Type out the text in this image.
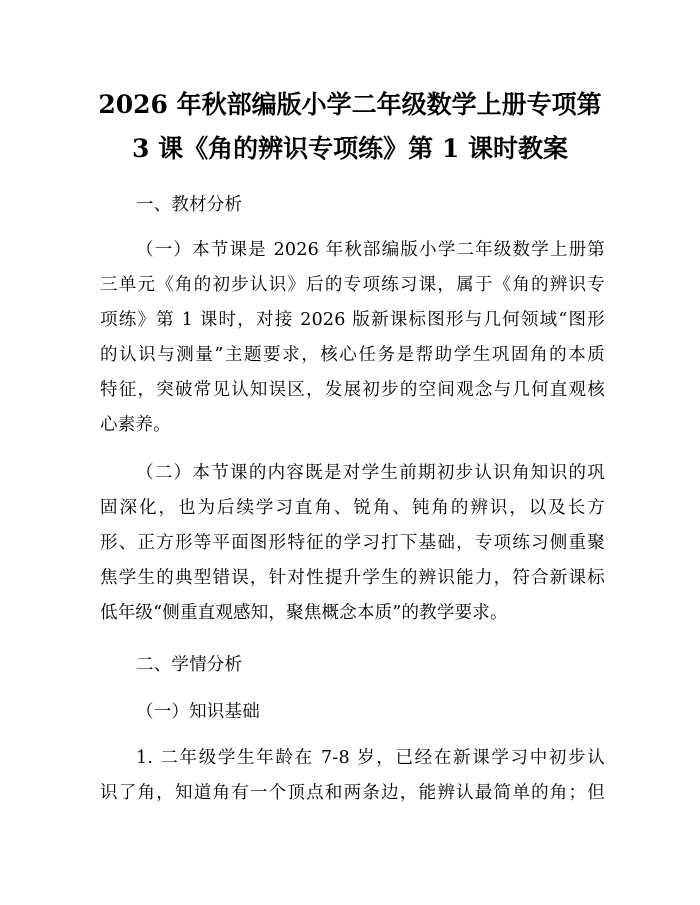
2026 年秋部编版小学二年级数学上册专项第
3 课《角的辨识专项练》第 1 课时教案
一、教材分析
（一）本节课是 2026 年秋部编版小学二年级数学上册第
三单元《角的初步认识》后的专项练习课，属于《角的辨识专
项练》第 1 课时，对接 2026 版新课标图形与几何领域“图形
的认识与测量”主题要求，核心任务是帮助学生巩固角的本质
特征，突破常见认知误区，发展初步的空间观念与几何直观核
心素养。
（二）本节课的内容既是对学生前期初步认识角知识的巩
固深化，也为后续学习直角、锐角、钝角的辨识，以及长方
形、正方形等平面图形特征的学习打下基础，专项练习侧重聚
焦学生的典型错误，针对性提升学生的辨识能力，符合新课标
低年级“侧重直观感知，聚焦概念本质”的教学要求。
二、学情分析
（一）知识基础
1. 二年级学生年龄在 7-8 岁，已经在新课学习中初步认
识了角，知道角有一个顶点和两条边，能辨认最简单的角；但
